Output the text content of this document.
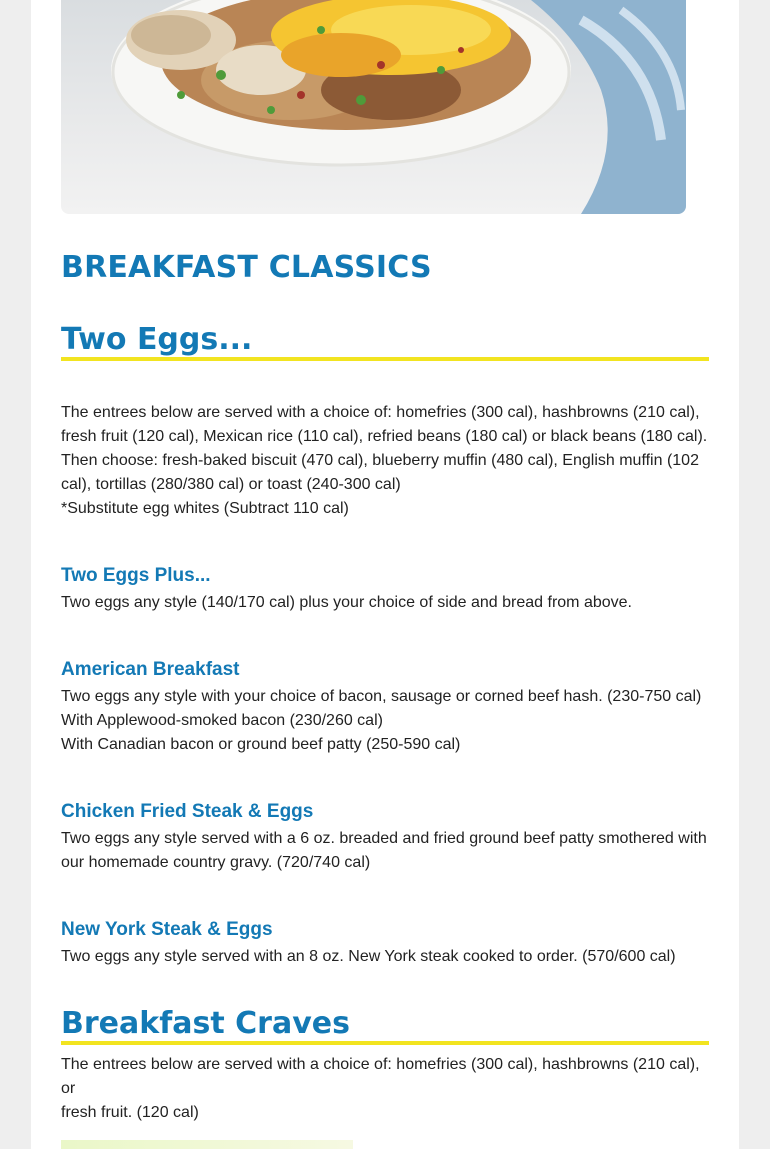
BREAKFAST CLASSICS
Two Eggs...
The entrees below are served with a choice of: homefries (300 cal), hashbrowns (210 cal),
fresh fruit (120 cal), Mexican rice (110 cal), refried beans (180 cal) or black beans (180 cal).
Then choose: fresh-baked biscuit (470 cal), blueberry muffin (480 cal), English muffin (102
cal), tortillas (280/380 cal) or toast (240-300 cal)
*Substitute egg whites (Subtract 110 cal)
Two Eggs Plus...
Two eggs any style (140/170 cal) plus your choice of side and bread from above.
American Breakfast
Two eggs any style with your choice of bacon, sausage or corned beef hash. (230-750 cal)
With Applewood-smoked bacon (230/260 cal)
With Canadian bacon or ground beef patty (250-590 cal)
Chicken Fried Steak & Eggs
Two eggs any style served with a 6 oz. breaded and fried ground beef patty smothered with
our homemade country gravy. (720/740 cal)
New York Steak & Eggs
Two eggs any style served with an 8 oz. New York steak cooked to order. (570/600 cal)
Breakfast Craves
The entrees below are served with a choice of: homefries (300 cal), hashbrowns (210 cal), or
fresh fruit. (120 cal)
